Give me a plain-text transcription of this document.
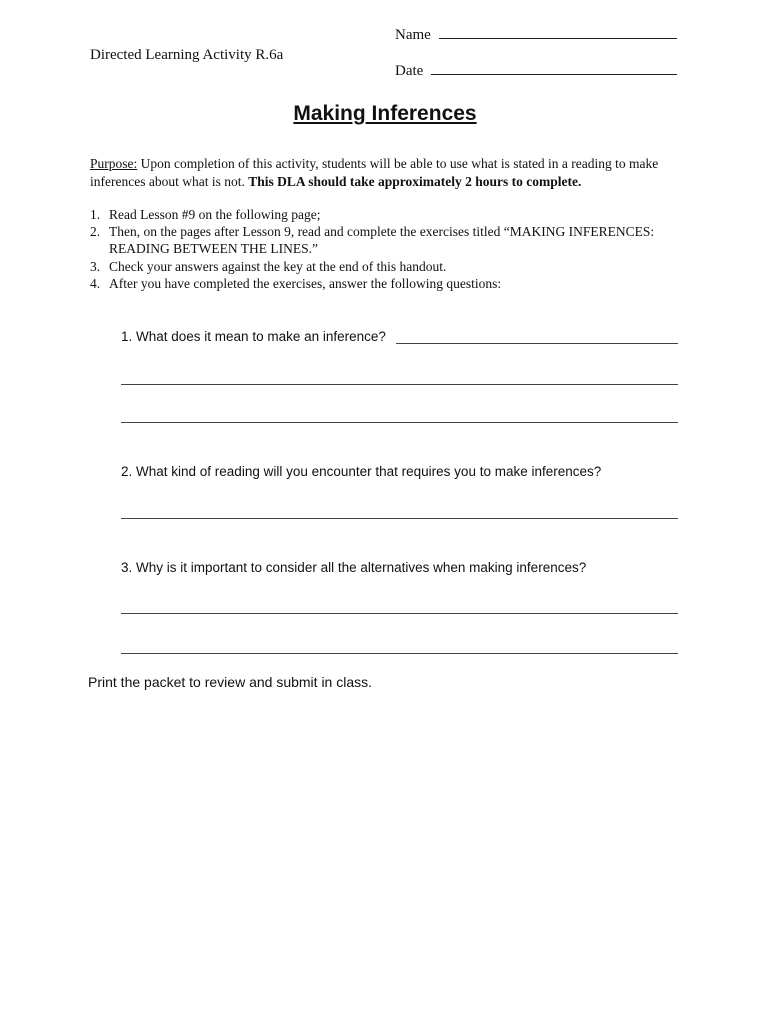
Name
Directed Learning Activity R.6a
Date
Making Inferences
Purpose: Upon completion of this activity, students will be able to use what is stated in a reading to make inferences about what is not. This DLA should take approximately 2 hours to complete.
1. Read Lesson #9 on the following page;
2. Then, on the pages after Lesson 9, read and complete the exercises titled “MAKING INFERENCES:
READING BETWEEN THE LINES.”
3. Check your answers against the key at the end of this handout.
4. After you have completed the exercises, answer the following questions:
1. What does it mean to make an inference?
2. What kind of reading will you encounter that requires you to make inferences?
3. Why is it important to consider all the alternatives when making inferences?
Print the packet to review and submit in class.
